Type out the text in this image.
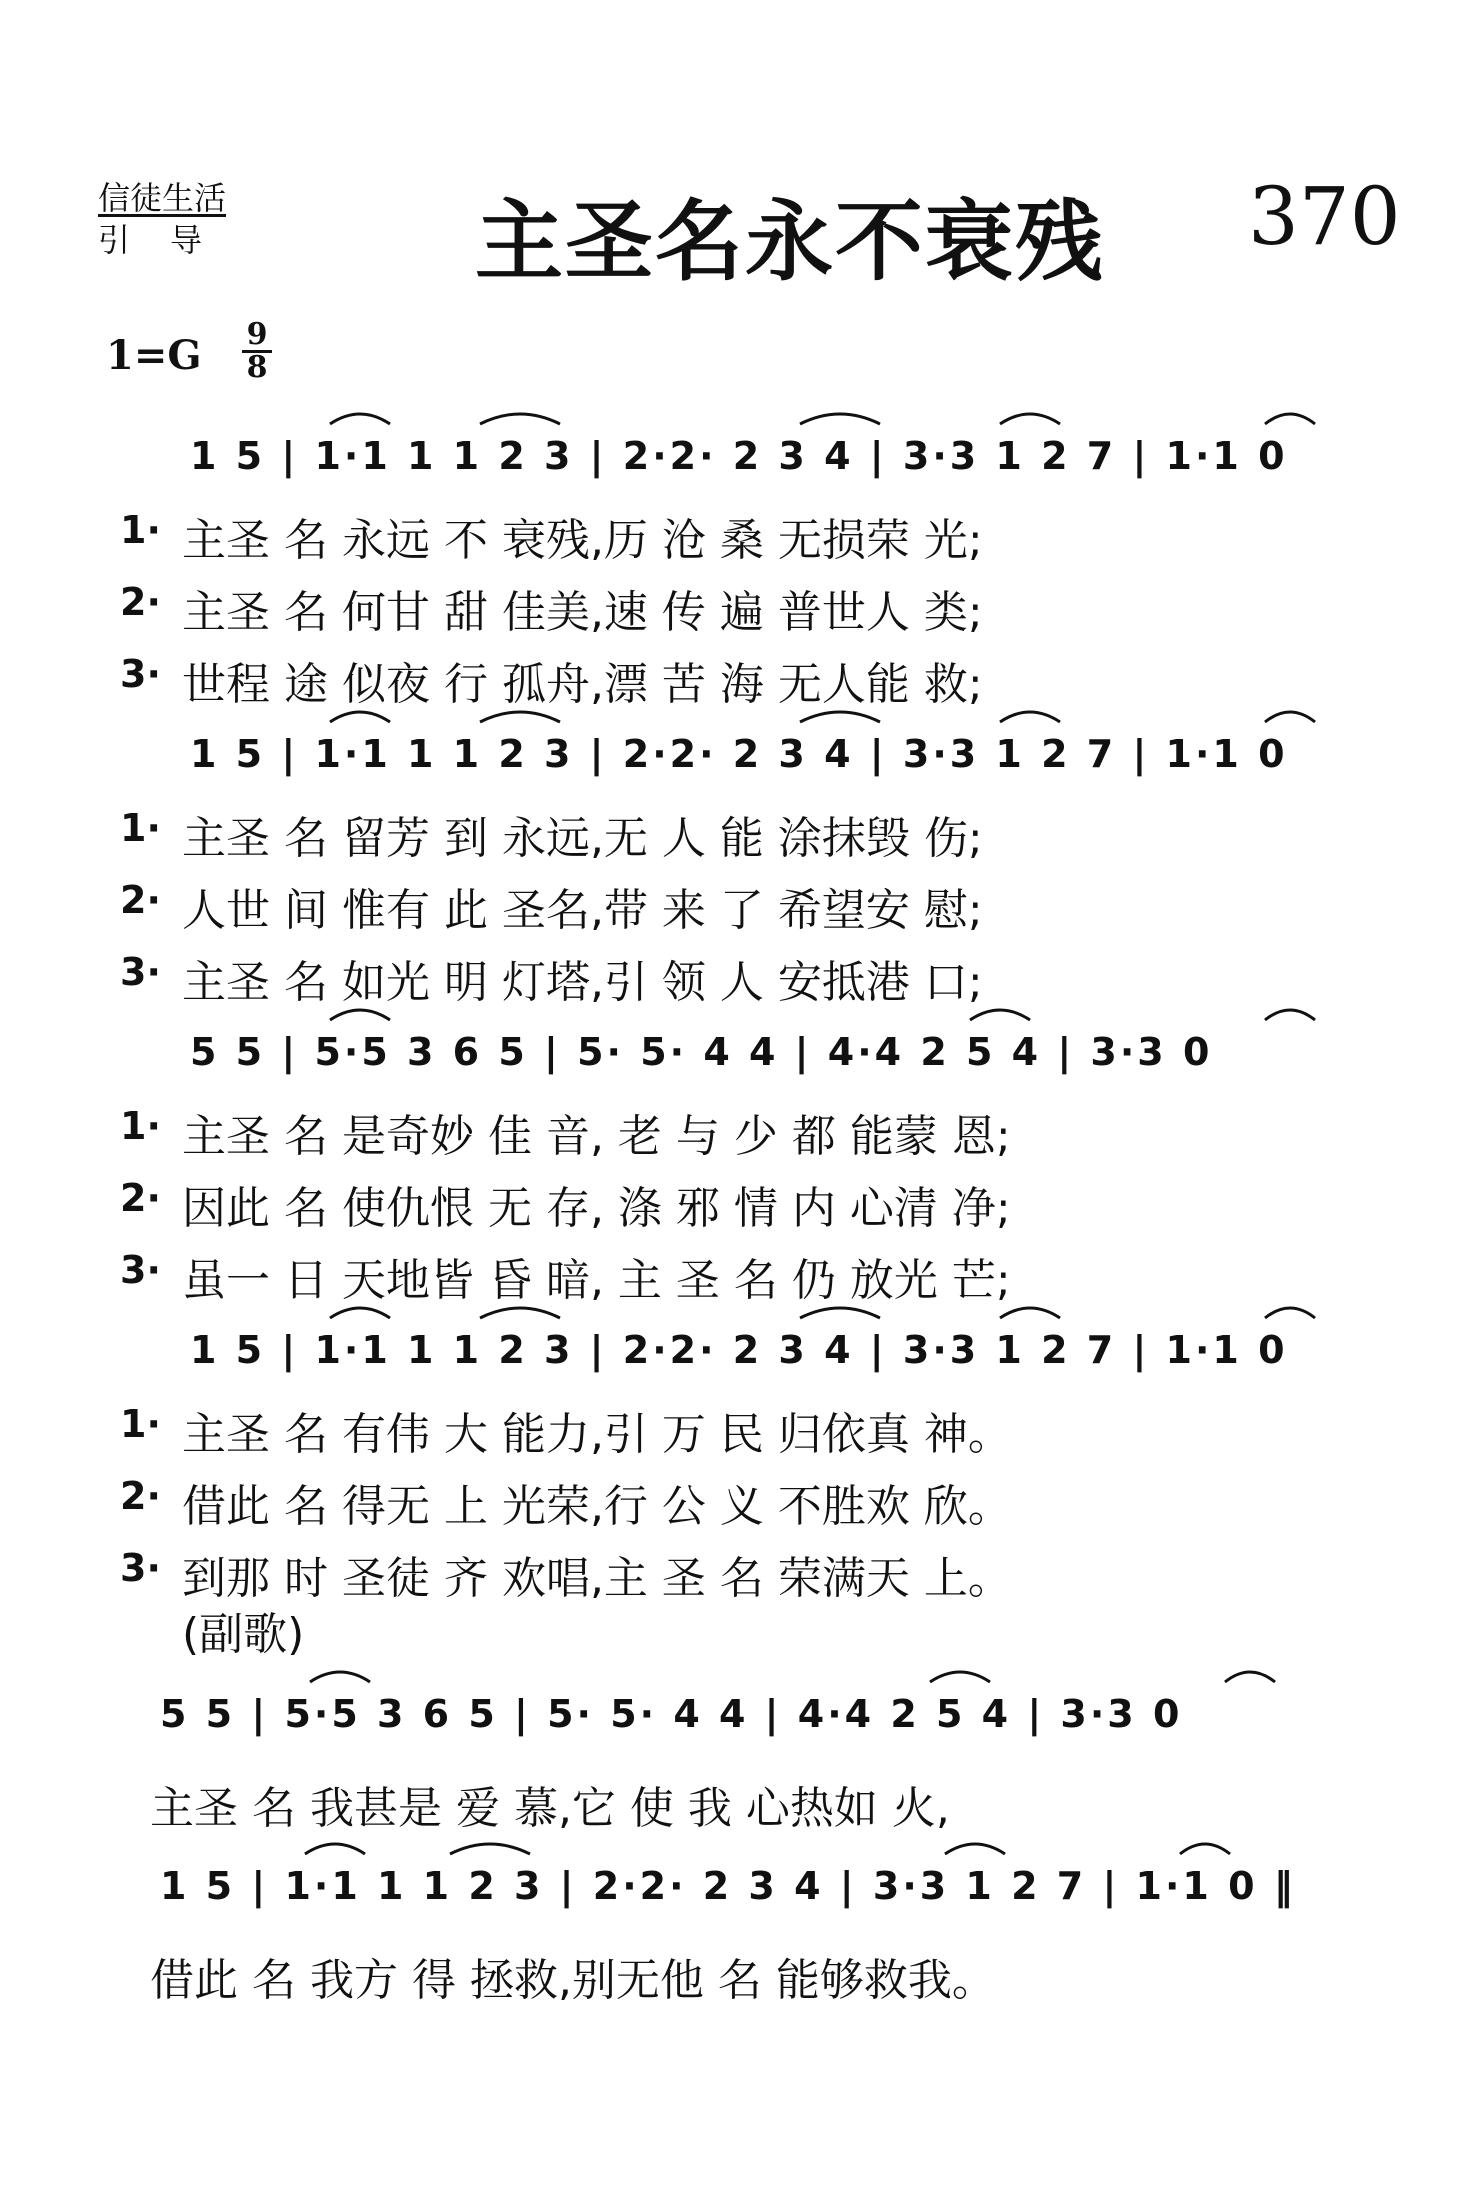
信徒生活
引导	主圣名永不衰残 370
$1=G \frac{9}{8}$
1 5 | 1·1 1 1 2 3 | 2·2· 2 3 4 | 3·3 1 2 7 | 1·1 0
1· 主圣 名 永远 不 衰残,历 沧 桑 无损荣 光;
2· 主圣 名 何甘 甜 佳美,速 传 遍 普世人 类;
3· 世程 途 似夜 行 孤舟,漂 苦 海 无人能 救;
1 5 | 1·1 1 1 2 3 | 2·2· 2 3 4 | 3·3 1 2 7 | 1·1 0
1· 主圣 名 留芳 到 永远,无 人 能 涂抹毁 伤;
2· 人世 间 惟有 此 圣名,带 来 了 希望安 慰;
3· 主圣 名 如光 明 灯塔,引 领 人 安抵港 口;
5 5 | 5·5 3 6 5 | 5· 5· 4 4 | 4·4 2 5 4 | 3·3 0
1· 主圣 名 是奇妙 佳 音, 老 与 少 都 能蒙 恩;
2· 因此 名 使仇恨 无 存, 涤 邪 情 内 心清 净;
3· 虽一 日 天地皆 昏 暗, 主 圣 名 仍 放光 芒;
1 5 | 1·1 1 1 2 3 | 2·2· 2 3 4 | 3·3 1 2 7 | 1·1 0
1· 主圣 名 有伟 大 能力,引 万 民 归依真 神。
2· 借此 名 得无 上 光荣,行 公 义 不胜欢 欣。
3· 到那 时 圣徒 齐 欢唱,主 圣 名 荣满天 上。
(副歌)
5 5 | 5·5 3 6 5 | 5· 5· 4 4 | 4·4 2 5 4 | 3·3 0
主圣 名 我甚是 爱 慕,它 使 我 心热如 火,
1 5 | 1·1 1 1 2 3 | 2·2· 2 3 4 | 3·3 1 2 7 | 1·1 0 ‖
借此 名 我方 得 拯救,别无他 名 能够救我。
